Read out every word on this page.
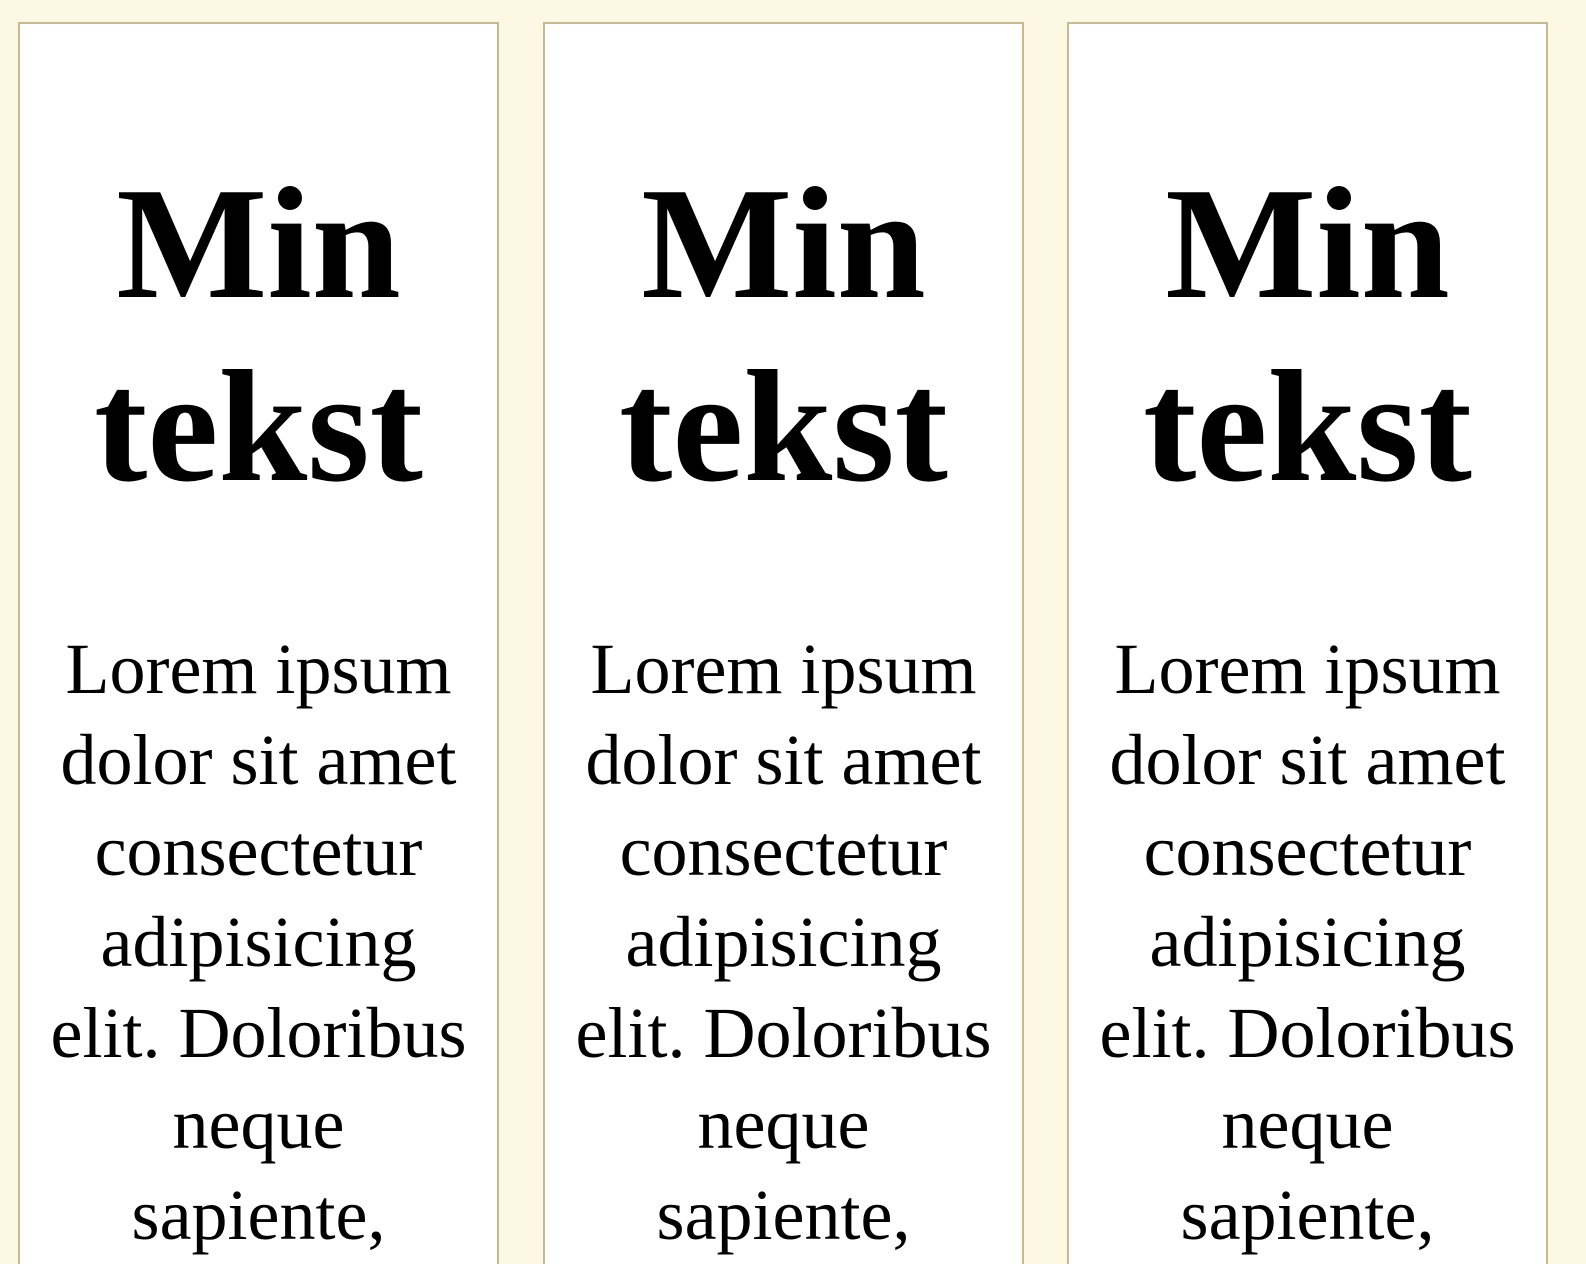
Min
tekst

Lorem ipsum
dolor sit amet
consectetur
adipisicing
elit. Doloribus
neque
sapiente,

Min
tekst

Lorem ipsum
dolor sit amet
consectetur
adipisicing
elit. Doloribus
neque
sapiente,

Min
tekst

Lorem ipsum
dolor sit amet
consectetur
adipisicing
elit. Doloribus
neque
sapiente,
